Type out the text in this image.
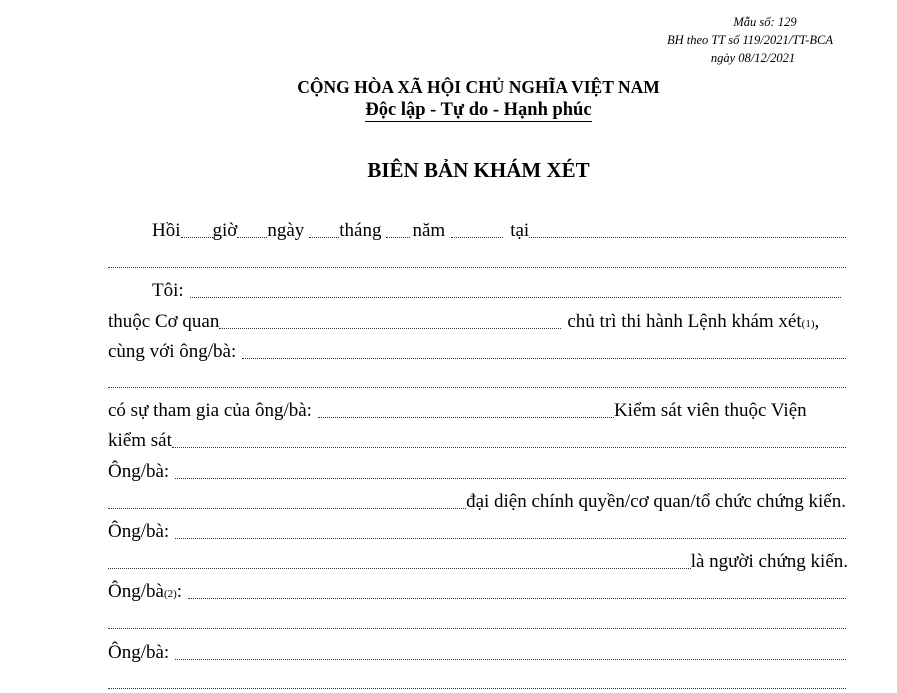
Mẫu số: 129
BH theo TT số 119/2021/TT-BCA
ngày 08/12/2021
CỘNG HÒA XÃ HỘI CHỦ NGHĨA VIỆT NAM
Độc lập - Tự do - Hạnh phúc
BIÊN BẢN KHÁM XÉT
Hồi giờ ngày tháng năm	tại
Tôi:
thuộc Cơ quan	chủ trì thi hành Lệnh khám xét (1) ,
cùng với ông/bà:
có sự tham gia của ông/bà:	Kiểm sát viên thuộc Viện
kiểm sát
Ông/bà:
đại diện chính quyền/cơ quan/tổ chức chứng kiến.
Ông/bà:
là người chứng kiến.
Ông/bà (2) :
Ông/bà:
